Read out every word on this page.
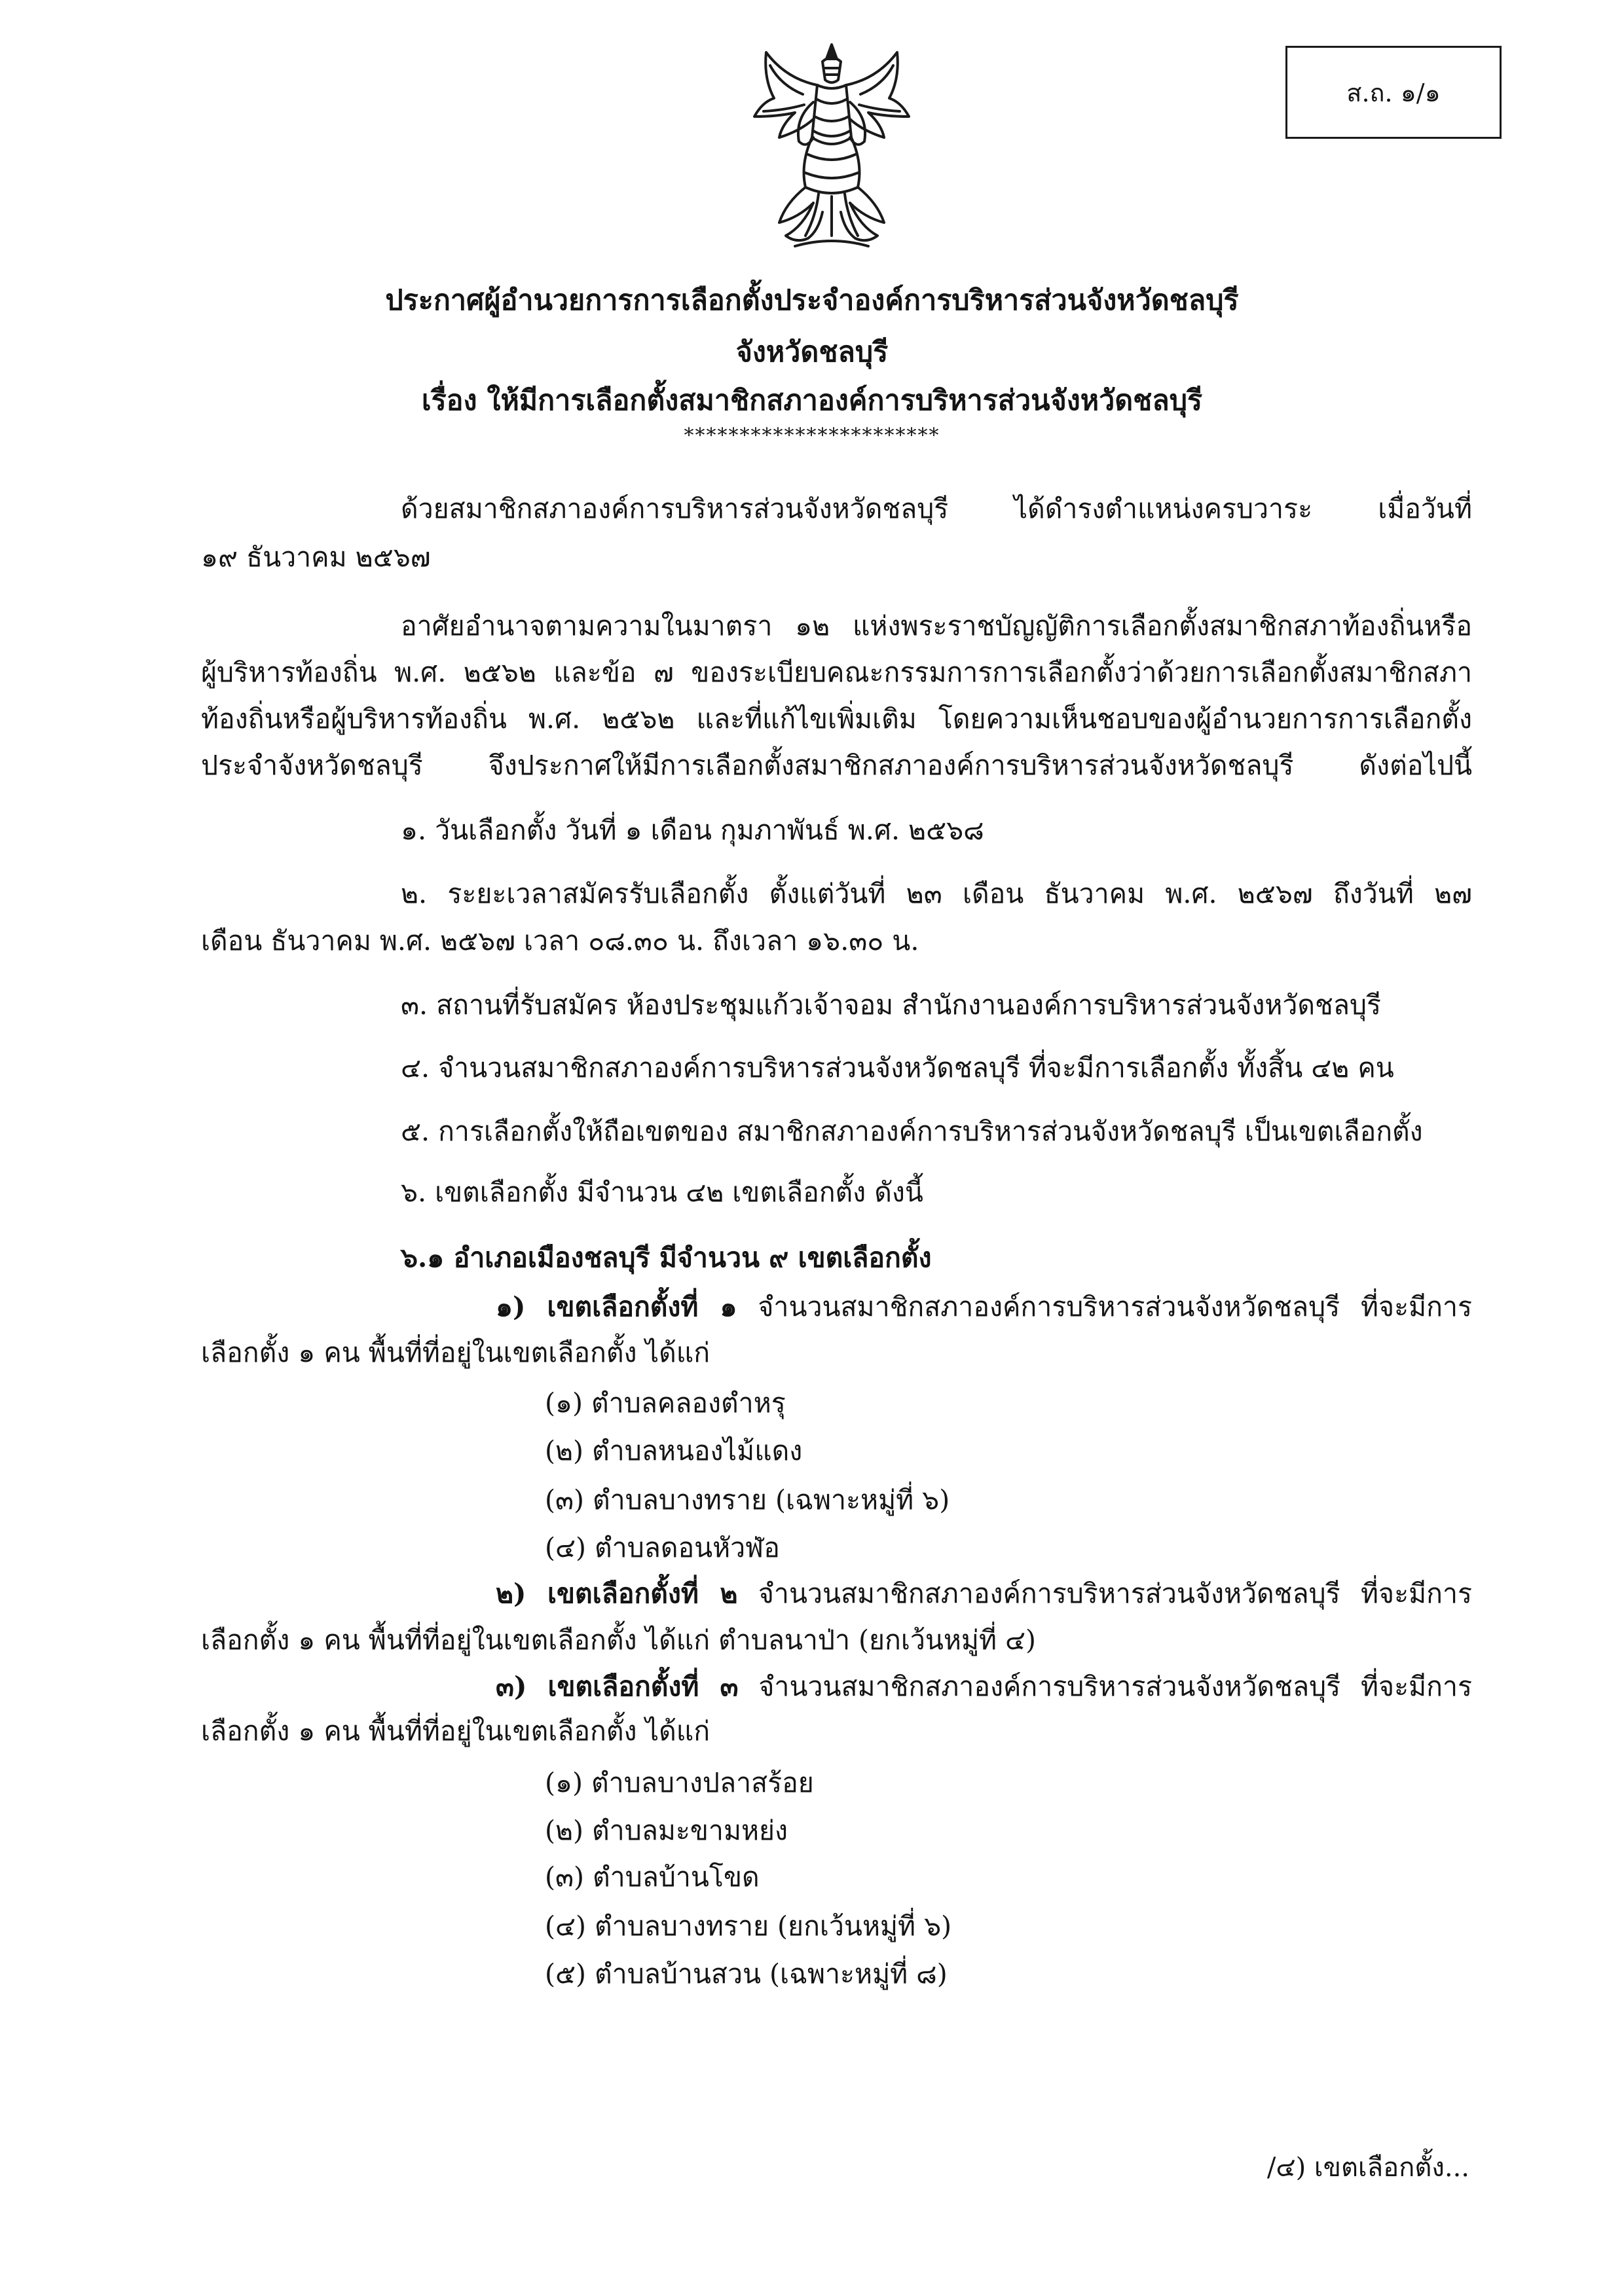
ส.ถ. ๑/๑
ประกาศผู้อำนวยการการเลือกตั้งประจำองค์การบริหารส่วนจังหวัดชลบุรี
จังหวัดชลบุรี
เรื่อง ให้มีการเลือกตั้งสมาชิกสภาองค์การบริหารส่วนจังหวัดชลบุรี
***********************
ด้วยสมาชิกสภาองค์การบริหารส่วนจังหวัดชลบุรี ได้ดำรงตำแหน่งครบวาระ เมื่อวันที่
๑๙ ธันวาคม ๒๕๖๗
อาศัยอำนาจตามความในมาตรา ๑๒ แห่งพระราชบัญญัติการเลือกตั้งสมาชิกสภาท้องถิ่นหรือ
ผู้บริหารท้องถิ่น พ.ศ. ๒๕๖๒ และข้อ ๗ ของระเบียบคณะกรรมการการเลือกตั้งว่าด้วยการเลือกตั้งสมาชิกสภา
ท้องถิ่นหรือผู้บริหารท้องถิ่น พ.ศ. ๒๕๖๒ และที่แก้ไขเพิ่มเติม โดยความเห็นชอบของผู้อำนวยการการเลือกตั้ง
ประจำจังหวัดชลบุรี จึงประกาศให้มีการเลือกตั้งสมาชิกสภาองค์การบริหารส่วนจังหวัดชลบุรี ดังต่อไปนี้
๑. วันเลือกตั้ง วันที่ ๑ เดือน กุมภาพันธ์ พ.ศ. ๒๕๖๘
๒. ระยะเวลาสมัครรับเลือกตั้ง ตั้งแต่วันที่ ๒๓ เดือน ธันวาคม พ.ศ. ๒๕๖๗ ถึงวันที่ ๒๗
เดือน ธันวาคม พ.ศ. ๒๕๖๗ เวลา ๐๘.๓๐ น. ถึงเวลา ๑๖.๓๐ น.
๓. สถานที่รับสมัคร ห้องประชุมแก้วเจ้าจอม สำนักงานองค์การบริหารส่วนจังหวัดชลบุรี
๔. จำนวนสมาชิกสภาองค์การบริหารส่วนจังหวัดชลบุรี ที่จะมีการเลือกตั้ง ทั้งสิ้น ๔๒ คน
๕. การเลือกตั้งให้ถือเขตของ สมาชิกสภาองค์การบริหารส่วนจังหวัดชลบุรี เป็นเขตเลือกตั้ง
๖. เขตเลือกตั้ง มีจำนวน ๔๒ เขตเลือกตั้ง ดังนี้
๖.๑ อำเภอเมืองชลบุรี มีจำนวน ๙ เขตเลือกตั้ง
๑) เขตเลือกตั้งที่ ๑ จำนวนสมาชิกสภาองค์การบริหารส่วนจังหวัดชลบุรี ที่จะมีการ
เลือกตั้ง ๑ คน พื้นที่ที่อยู่ในเขตเลือกตั้ง ได้แก่
(๑) ตำบลคลองตำหรุ
(๒) ตำบลหนองไม้แดง
(๓) ตำบลบางทราย (เฉพาะหมู่ที่ ๖)
(๔) ตำบลดอนหัวฬ่อ
๒) เขตเลือกตั้งที่ ๒ จำนวนสมาชิกสภาองค์การบริหารส่วนจังหวัดชลบุรี ที่จะมีการ
เลือกตั้ง ๑ คน พื้นที่ที่อยู่ในเขตเลือกตั้ง ได้แก่ ตำบลนาป่า (ยกเว้นหมู่ที่ ๔)
๓) เขตเลือกตั้งที่ ๓ จำนวนสมาชิกสภาองค์การบริหารส่วนจังหวัดชลบุรี ที่จะมีการ
เลือกตั้ง ๑ คน พื้นที่ที่อยู่ในเขตเลือกตั้ง ได้แก่
(๑) ตำบลบางปลาสร้อย
(๒) ตำบลมะขามหย่ง
(๓) ตำบลบ้านโขด
(๔) ตำบลบางทราย (ยกเว้นหมู่ที่ ๖)
(๕) ตำบลบ้านสวน (เฉพาะหมู่ที่ ๘)
/๔) เขตเลือกตั้ง...
